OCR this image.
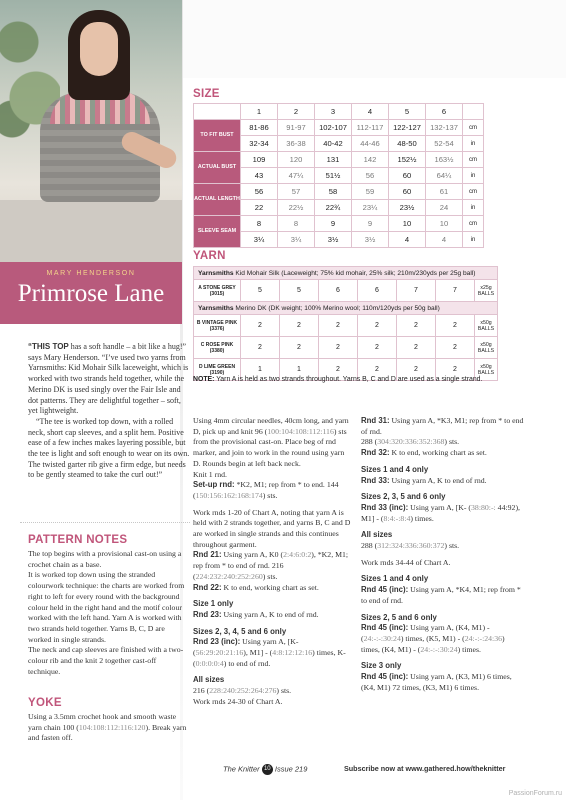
MARY HENDERSON
Primrose Lane

“THIS TOP has a soft handle – a bit like a hug!” says Mary Henderson. “I’ve used two yarns from Yarnsmiths: Kid Mohair Silk laceweight, which is worked with two strands held together, while the Merino DK is used singly over the Fair Isle and dot patterns. They are delightful together – soft, yet lightweight.

“The tee is worked top down, with a rolled neck, short cap sleeves, and a split hem. Positive ease of a few inches makes layering possible, but the tee is light and soft enough to wear on its own. The twisted garter rib give a firm edge, but needs to be gently steamed to take the curl out!”

PATTERN NOTES

The top begins with a provisional cast-on using a crochet chain as a base.

It is worked top down using the stranded colourwork technique: the charts are worked from right to left for every round with the background colour held in the right hand and the motif colour worked with the left hand. Yarn A is worked with two strands held together. Yarns B, C, D are worked in single strands.

The neck and cap sleeves are finished with a two-colour rib and the knit 2 together cast-off technique.

YOKE

Using a 3.5mm crochet hook and smooth waste yarn chain 100 (104:108:112:116:120). Break yarn and fasten off.

SIZE
	1	2	3	4	5	6	
TO FIT BUST	81-86	91-97	102-107	112-117	122-127	132-137	cm
	32-34	36-38	40-42	44-46	48-50	52-54	in
ACTUAL BUST	109	120	131	142	152½	163½	cm
	43	47¼	51½	56	60	64¼	in
ACTUAL LENGTH	56	57	58	59	60	61	cm
	22	22½	22¾	23¼	23½	24	in
SLEEVE SEAM	8	8	9	9	10	10	cm
	3¼	3¼	3½	3½	4	4	in
YARN
Yarnsmiths Kid Mohair Silk (Laceweight; 75% kid mohair, 25% silk; 210m/230yds per 25g ball)							
A STONE GREY (3015)	5	5	6	6	7	7	x25g BALLS
Yarnsmiths Merino DK (DK weight; 100% Merino wool; 110m/120yds per 50g ball)							
B VINTAGE PINK (3376)	2	2	2	2	2	2	x50g BALLS
C ROSE PINK (3380)	2	2	2	2	2	2	x50g BALLS
D LIME GREEN (3190)	1	1	2	2	2	2	x50g BALLS
NOTE: Yarn A is held as two strands throughout. Yarns B, C and D are used as a single strand.

Using 4mm circular needles, 40cm long, and yarn D, pick up and knit 96 (100:104:108:112:116) sts from the provisional cast-on. Place beg of rnd marker, and join to work in the round using yarn D. Rounds begin at left back neck.

Knit 1 rnd.

Set-up rnd: *K2, M1; rep from * to end. 144 (150:156:162:168:174) sts.

Work rnds 1-20 of Chart A, noting that yarn A is held with 2 strands together, and yarns B, C and D are worked in single strands and this continues throughout garment.

Rnd 21: Using yarn A, K0 (2:4:6:0:2), *K2, M1; rep from * to end of rnd. 216 (224:232:240:252:260) sts.

Rnd 22: K to end, working chart as set.

Size 1 only

Rnd 23: Using yarn A, K to end of rnd.

Sizes 2, 3, 4, 5 and 6 only

Rnd 23 (inc): Using yarn A, [K- (56:29:20:21:16), M1] - (4:8:12:12:16) times, K- (0:0:0:0:4) to end of rnd.

All sizes

216 (228:240:252:264:276) sts.

Work rnds 24-30 of Chart A.

Rnd 31: Using yarn A, *K3, M1; rep from * to end of rnd.

288 (304:320:336:352:368) sts.

Rnd 32: K to end, working chart as set.

Sizes 1 and 4 only

Rnd 33: Using yarn A, K to end of rnd.

Sizes 2, 3, 5 and 6 only

Rnd 33 (inc): Using yarn A, [K- (38:80:-: 44:92), M1] - (8:4:-:8:4) times.

All sizes

288 (312:324:336:360:372) sts.

Work rnds 34-44 of Chart A.

Sizes 1 and 4 only

Rnd 45 (inc): Using yarn A, *K4, M1; rep from * to end of rnd.

Sizes 2, 5 and 6 only

Rnd 45 (inc): Using yarn A, (K4, M1) - (24:-:-:30:24) times, (K5, M1) - (24:-:-:24:36) times, (K4, M1) - (24:-:-:30:24) times.

Size 3 only

Rnd 45 (inc): Using yarn A, (K3, M1) 6 times, (K4, M1) 72 times, (K3, M1) 6 times.

The Knitter 10 Issue 219	Subscribe now at www.gathered.how/theknitter
PassionForum.ru
